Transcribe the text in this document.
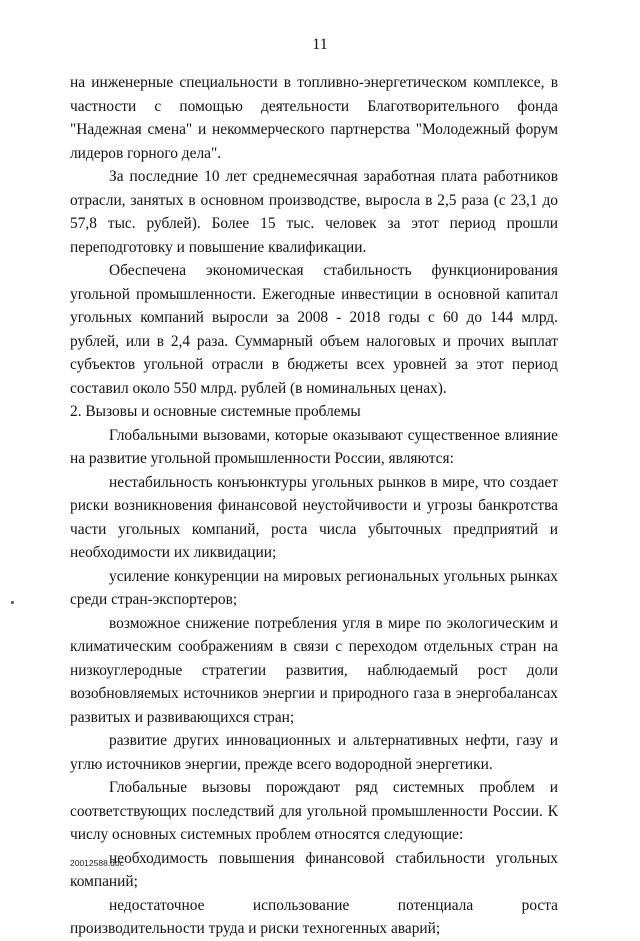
11

на инженерные специальности в топливно-энергетическом комплексе, в частности с помощью деятельности Благотворительного фонда "Надежная смена" и некоммерческого партнерства "Молодежный форум лидеров горного дела".

За последние 10 лет среднемесячная заработная плата работников отрасли, занятых в основном производстве, выросла в 2,5 раза (с 23,1 до 57,8 тыс. рублей). Более 15 тыс. человек за этот период прошли переподготовку и повышение квалификации.

Обеспечена экономическая стабильность функционирования угольной промышленности. Ежегодные инвестиции в основной капитал угольных компаний выросли за 2008 - 2018 годы с 60 до 144 млрд. рублей, или в 2,4 раза. Суммарный объем налоговых и прочих выплат субъектов угольной отрасли в бюджеты всех уровней за этот период составил около 550 млрд. рублей (в номинальных ценах).

2. Вызовы и основные системные проблемы

Глобальными вызовами, которые оказывают существенное влияние на развитие угольной промышленности России, являются:

нестабильность конъюнктуры угольных рынков в мире, что создает риски возникновения финансовой неустойчивости и угрозы банкротства части угольных компаний, роста числа убыточных предприятий и необходимости их ликвидации;

усиление конкуренции на мировых региональных угольных рынках среди стран-экспортеров;

возможное снижение потребления угля в мире по экологическим и климатическим соображениям в связи с переходом отдельных стран на низкоуглеродные стратегии развития, наблюдаемый рост доли возобновляемых источников энергии и природного газа в энергобалансах развитых и развивающихся стран;

развитие других инновационных и альтернативных нефти, газу и углю источников энергии, прежде всего водородной энергетики.

Глобальные вызовы порождают ряд системных проблем и соответствующих последствий для угольной промышленности России. К числу основных системных проблем относятся следующие:

необходимость повышения финансовой стабильности угольных компаний;

недостаточное использование потенциала роста производительности труда и риски техногенных аварий;

20012588.doc
